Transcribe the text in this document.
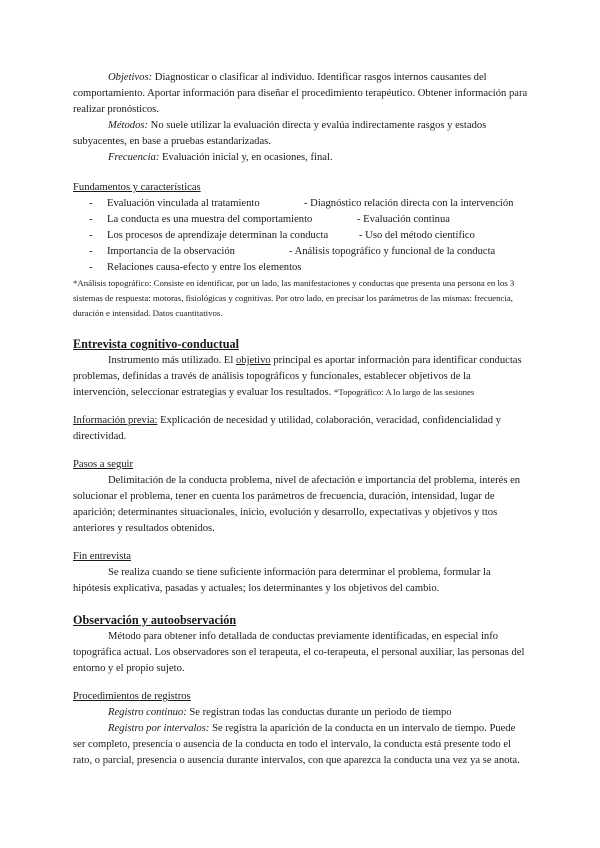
Objetivos: Diagnosticar o clasificar al individuo. Identificar rasgos internos causantes del comportamiento. Aportar información para diseñar el procedimiento terapéutico. Obtener información para realizar pronósticos.

Métodos: No suele utilizar la evaluación directa y evalúa indirectamente rasgos y estados subyacentes, en base a pruebas estandarizadas.

Frecuencia: Evaluación inicial y, en ocasiones, final.

Fundamentos y características

-	Evaluación vinculada al tratamiento	- Diagnóstico relación directa con la intervención
-	La conducta es una muestra del comportamiento	- Evaluación continua
-	Los procesos de aprendizaje determinan la conducta	- Uso del método científico
-	Importancia de la observación	- Análisis topográfico y funcional de la conducta
-	Relaciones causa-efecto y entre los elementos

*Análisis topográfico: Consiste en identificar, por un lado, las manifestaciones y conductas que presenta una persona en los 3 sistemas de respuesta: motoras, fisiológicas y cognitivas. Por otro lado, en precisar los parámetros de las mismas: frecuencia, duración e intensidad. Datos cuantitativos.

Entrevista cognitivo-conductual

Instrumento más utilizado. El objetivo principal es aportar información para identificar conductas problemas, definidas a través de análisis topográficos y funcionales, establecer objetivos de la intervención, seleccionar estrategias y evaluar los resultados. *Topográfico: A lo largo de las sesiones

Información previa: Explicación de necesidad y utilidad, colaboración, veracidad, confidencialidad y directividad.

Pasos a seguir

Delimitación de la conducta problema, nivel de afectación e importancia del problema, interés en solucionar el problema, tener en cuenta los parámetros de frecuencia, duración, intensidad, lugar de aparición; determinantes situacionales, inicio, evolución y desarrollo, expectativas y objetivos y ttos anteriores y resultados obtenidos.

Fin entrevista

Se realiza cuando se tiene suficiente información para determinar el problema, formular la hipótesis explicativa, pasadas y actuales; los determinantes y los objetivos del cambio.

Observación y autoobservación

Método para obtener info detallada de conductas previamente identificadas, en especial info topográfica actual. Los observadores son el terapeuta, el co-terapeuta, el personal auxiliar, las personas del entorno y el propio sujeto.

Procedimientos de registros

Registro continuo: Se registran todas las conductas durante un periodo de tiempo

Registro por intervalos: Se registra la aparición de la conducta en un intervalo de tiempo. Puede ser completo, presencia o ausencia de la conducta en todo el intervalo, la conducta está presente todo el rato, o parcial, presencia o ausencia durante intervalos, con que aparezca la conducta una vez ya se anota.
